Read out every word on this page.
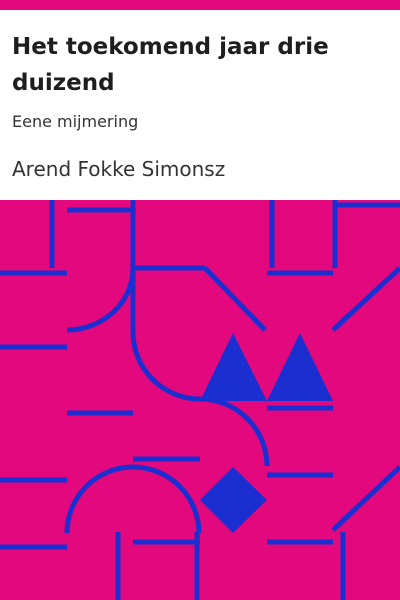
Het toekomend jaar drie duizend

Eene mijmering

Arend Fokke Simonsz
